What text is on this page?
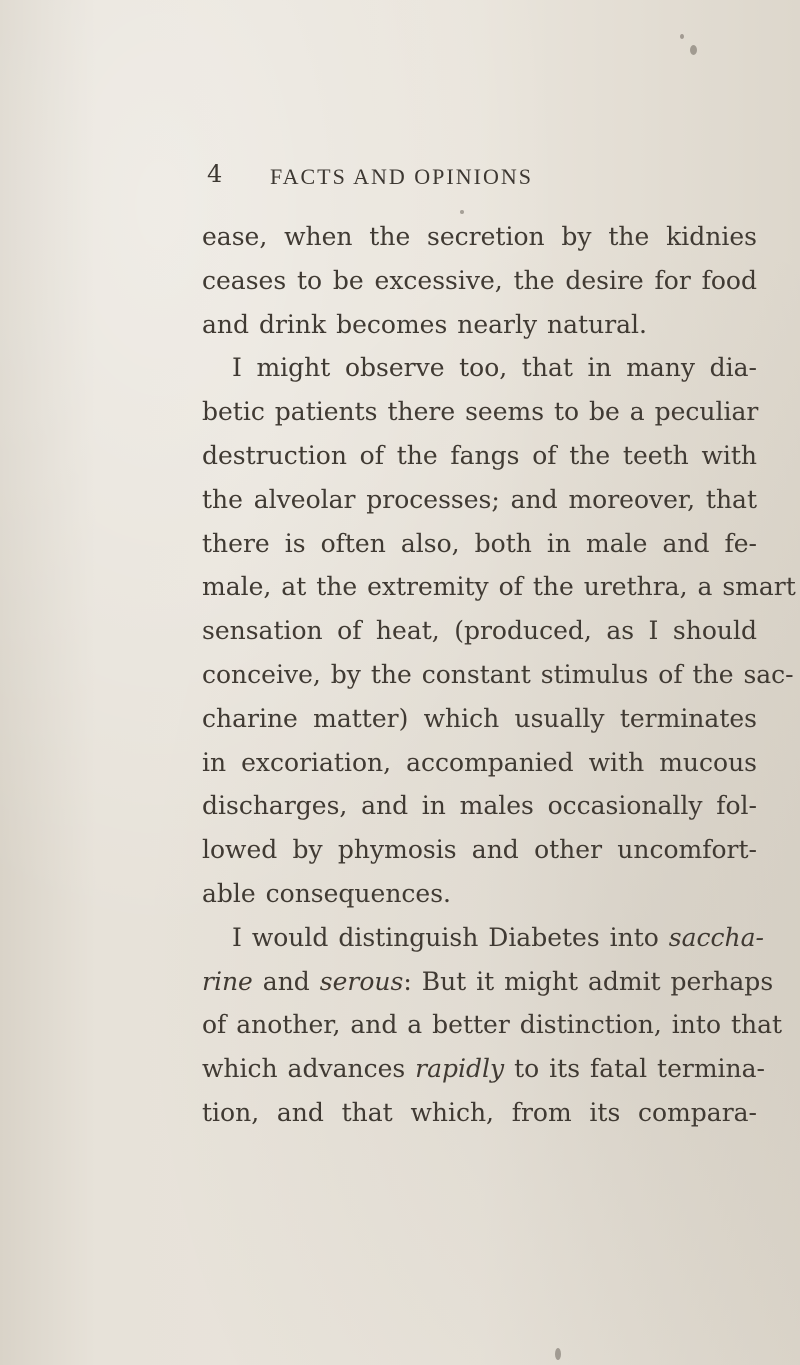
4 FACTS AND OPINIONS

ease, when the secretion by the kidnies

ceases to be excessive, the desire for food

and drink becomes nearly natural.

I might observe too, that in many dia-

betic patients there seems to be a peculiar

destruction of the fangs of the teeth with

the alveolar processes; and moreover, that

there is often also, both in male and fe-

male, at the extremity of the urethra, a smart

sensation of heat, (produced, as I should

conceive, by the constant stimulus of the sac-

charine matter) which usually terminates

in excoriation, accompanied with mucous

discharges, and in males occasionally fol-

lowed by phymosis and other uncomfort-

able consequences.

I would distinguish Diabetes into saccha-

rine and serous: But it might admit perhaps

of another, and a better distinction, into that

which advances rapidly to its fatal termina-

tion, and that which, from its compara-
